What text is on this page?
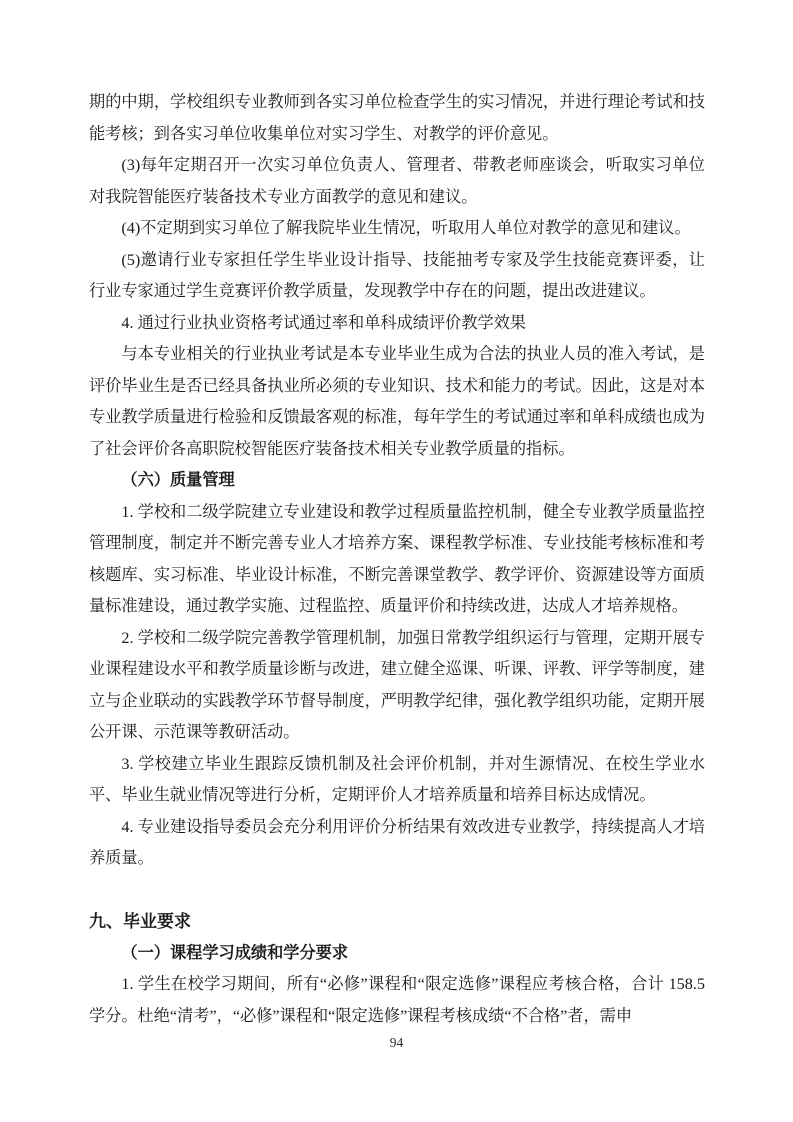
期的中期，学校组织专业教师到各实习单位检查学生的实习情况，并进行理论考试和技能考核；到各实习单位收集单位对实习学生、对教学的评价意见。

(3)每年定期召开一次实习单位负责人、管理者、带教老师座谈会，听取实习单位对我院智能医疗装备技术专业方面教学的意见和建议。

(4)不定期到实习单位了解我院毕业生情况，听取用人单位对教学的意见和建议。

(5)邀请行业专家担任学生毕业设计指导、技能抽考专家及学生技能竞赛评委，让行业专家通过学生竞赛评价教学质量，发现教学中存在的问题，提出改进建议。

4. 通过行业执业资格考试通过率和单科成绩评价教学效果

与本专业相关的行业执业考试是本专业毕业生成为合法的执业人员的准入考试，是评价毕业生是否已经具备执业所必须的专业知识、技术和能力的考试。因此，这是对本专业教学质量进行检验和反馈最客观的标准，每年学生的考试通过率和单科成绩也成为了社会评价各高职院校智能医疗装备技术相关专业教学质量的指标。

（六）质量管理

1. 学校和二级学院建立专业建设和教学过程质量监控机制，健全专业教学质量监控管理制度，制定并不断完善专业人才培养方案、课程教学标准、专业技能考核标准和考核题库、实习标准、毕业设计标准，不断完善课堂教学、教学评价、资源建设等方面质量标准建设，通过教学实施、过程监控、质量评价和持续改进，达成人才培养规格。

2. 学校和二级学院完善教学管理机制，加强日常教学组织运行与管理，定期开展专业课程建设水平和教学质量诊断与改进，建立健全巡课、听课、评教、评学等制度，建立与企业联动的实践教学环节督导制度，严明教学纪律，强化教学组织功能，定期开展公开课、示范课等教研活动。

3. 学校建立毕业生跟踪反馈机制及社会评价机制，并对生源情况、在校生学业水平、毕业生就业情况等进行分析，定期评价人才培养质量和培养目标达成情况。

4. 专业建设指导委员会充分利用评价分析结果有效改进专业教学，持续提高人才培养质量。

九、毕业要求

（一）课程学习成绩和学分要求

1. 学生在校学习期间，所有“必修”课程和“限定选修”课程应考核合格，合计 158.5 学分。杜绝“清考”，“必修”课程和“限定选修”课程考核成绩“不合格”者，需申

94
